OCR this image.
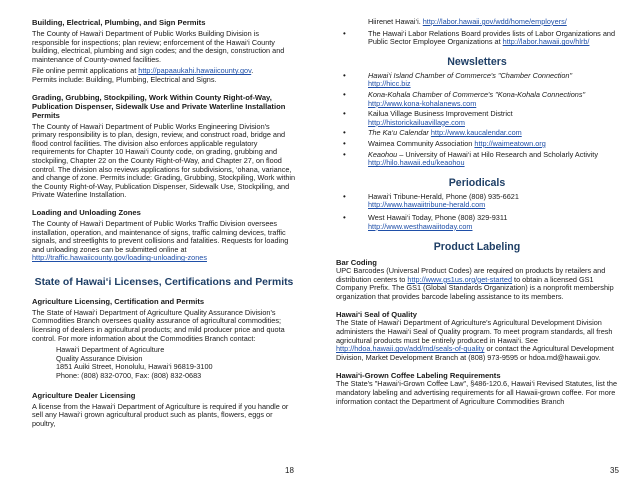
Building, Electrical, Plumbing, and Sign Permits

The County of Hawai‘i Department of Public Works Building Division is responsible for inspections; plan review; enforcement of the Hawai‘i County building, electrical, plumbing and sign codes; and the design, construction and maintenance of County-owned facilities.

File online permit applications at http://papaaukahi.hawaiicounty.gov.

Permits include: Building, Plumbing, Electrical and Signs.

Grading, Grubbing, Stockpiling, Work Within County Right-of-Way, Publication Dispenser, Sidewalk Use and Private Waterline Installation Permits

The County of Hawai‘i Department of Public Works Engineering Division's primary responsibility is to plan, design, review, and construct road, bridge and flood control facilities. The division also enforces applicable regulatory requirements for Chapter 10 Hawai‘i County code, on grading, grubbing and stockpiling, Chapter 22 on the County Right-of-Way, and Chapter 27, on flood control. The division also reviews applications for subdivisions, ‘ohana, variance, and change of zone. Permits include: Grading, Grubbing, Stockpiling, Work within the County Right-of-Way, Publication Dispenser, Sidewalk Use, Stockpiling, and Private Waterline Installation.

Loading and Unloading Zones

The County of Hawai‘i Department of Public Works Traffic Division oversees installation, operation, and maintenance of signs, traffic calming devices, traffic signals, and streetlights to prevent collisions and fatalities. Requests for loading and unloading zones can be submitted online at

http://traffic.hawaiicounty.gov/loading-unloading-zones

State of Hawai‘i Licenses, Certifications and Permits

Agriculture Licensing, Certification and Permits

The State of Hawai‘i Department of Agriculture Quality Assurance Division's Commodities Branch oversees quality assurance of agricultural commodities; licensing of dealers in agricultural products; and mild producer price and quota control. For more information about the Commodities Branch contact:

Hawai‘i Department of Agriculture

Quality Assurance Division

1851 Auiki Street, Honolulu, Hawai‘i 96819-3100

Phone: (808) 832-0700, Fax: (808) 832-0683

Agriculture Dealer Licensing

A license from the Hawai‘i Department of Agriculture is required if you handle or sell any Hawai‘i grown agricultural product such as plants, flowers, eggs or poultry,

18

Hiirenet Hawai‘i. http://labor.hawaii.gov/wdd/home/employers/

• The Hawai‘i Labor Relations Board provides lists of Labor Organizations and Public Sector Employee Organizations at http://labor.hawaii.gov/hlrb/

Newsletters

• Hawai‘i Island Chamber of Commerce's "Chamber Connection"
http://hicc.biz
• Kona-Kohala Chamber of Commerce's "Kona-Kohala Connections"
http://www.kona-kohalanews.com
• Kailua Village Business Improvement District
http://historickailuavillage.com
• The Ka‘u Calendar http://www.kaucalendar.com
• Waimea Community Association http://waimeatown.org
• Keaohou – University of Hawai‘i at Hilo Research and Scholarly Activity http://hilo.hawaii.edu/keaohou

Periodicals

• Hawai‘i Tribune-Herald, Phone (808) 935-6621
http://www.hawaiitribune-herald.com
• West Hawai‘i Today, Phone (808) 329-9311
http://www.westhawaiitoday.com

Product Labeling

Bar Coding

UPC Barcodes (Universal Product Codes) are required on products by retailers and distribution centers to http://www.gs1us.org/get-started to obtain a licensed GS1 Company Prefix. The GS1 (Global Standards Organization) is a nonprofit membership organization that provides barcode labeling assistance to its members.

Hawai‘i Seal of Quality

The State of Hawai‘i Department of Agriculture's Agricultural Development Division administers the Hawai‘i Seal of Quality program. To meet program standards, all fresh agricultural products must be entirely produced in Hawai‘i. See http://hdoa.hawaii.gov/add/md/seals-of-quality or contact the Agricultural Development Division, Market Development Branch at (808) 973-9595 or hdoa.md@hawaii.gov.

Hawai‘i-Grown Coffee Labeling Requirements

The State's "Hawai‘i-Grown Coffee Law", §486-120.6, Hawai‘i Revised Statutes, list the mandatory labeling and advertising requirements for all Hawaii-grown coffee. For more information contact the Department of Agriculture Commodities Branch

35
